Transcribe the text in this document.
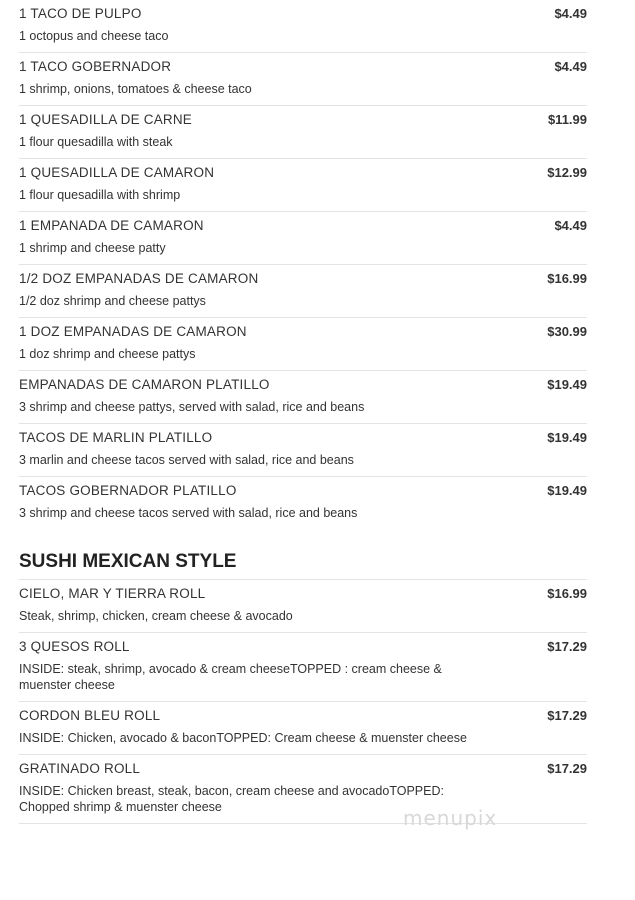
1 TACO DE PULPO	$4.49
1 octopus and cheese taco
1 TACO GOBERNADOR	$4.49
1 shrimp, onions, tomatoes & cheese taco
1 QUESADILLA DE CARNE	$11.99
1 flour quesadilla with steak
1 QUESADILLA DE CAMARON	$12.99
1 flour quesadilla with shrimp
1 EMPANADA DE CAMARON	$4.49
1 shrimp and cheese patty
1/2 DOZ EMPANADAS DE CAMARON	$16.99
1/2 doz shrimp and cheese pattys
1 DOZ EMPANADAS DE CAMARON	$30.99
1 doz shrimp and cheese pattys
EMPANADAS DE CAMARON PLATILLO	$19.49
3 shrimp and cheese pattys, served with salad, rice and beans
TACOS DE MARLIN PLATILLO	$19.49
3 marlin and cheese tacos served with salad, rice and beans
TACOS GOBERNADOR PLATILLO	$19.49
3 shrimp and cheese tacos served with salad, rice and beans
SUSHI MEXICAN STYLE
CIELO, MAR Y TIERRA ROLL	$16.99
Steak, shrimp, chicken, cream cheese & avocado
3 QUESOS ROLL	$17.29
INSIDE: steak, shrimp, avocado & cream cheeseTOPPED : cream cheese & muenster cheese
CORDON BLEU ROLL	$17.29
INSIDE: Chicken, avocado & baconTOPPED: Cream cheese & muenster cheese
GRATINADO ROLL	$17.29
INSIDE: Chicken breast, steak, bacon, cream cheese and avocadoTOPPED: Chopped shrimp & muenster cheese	menupix
